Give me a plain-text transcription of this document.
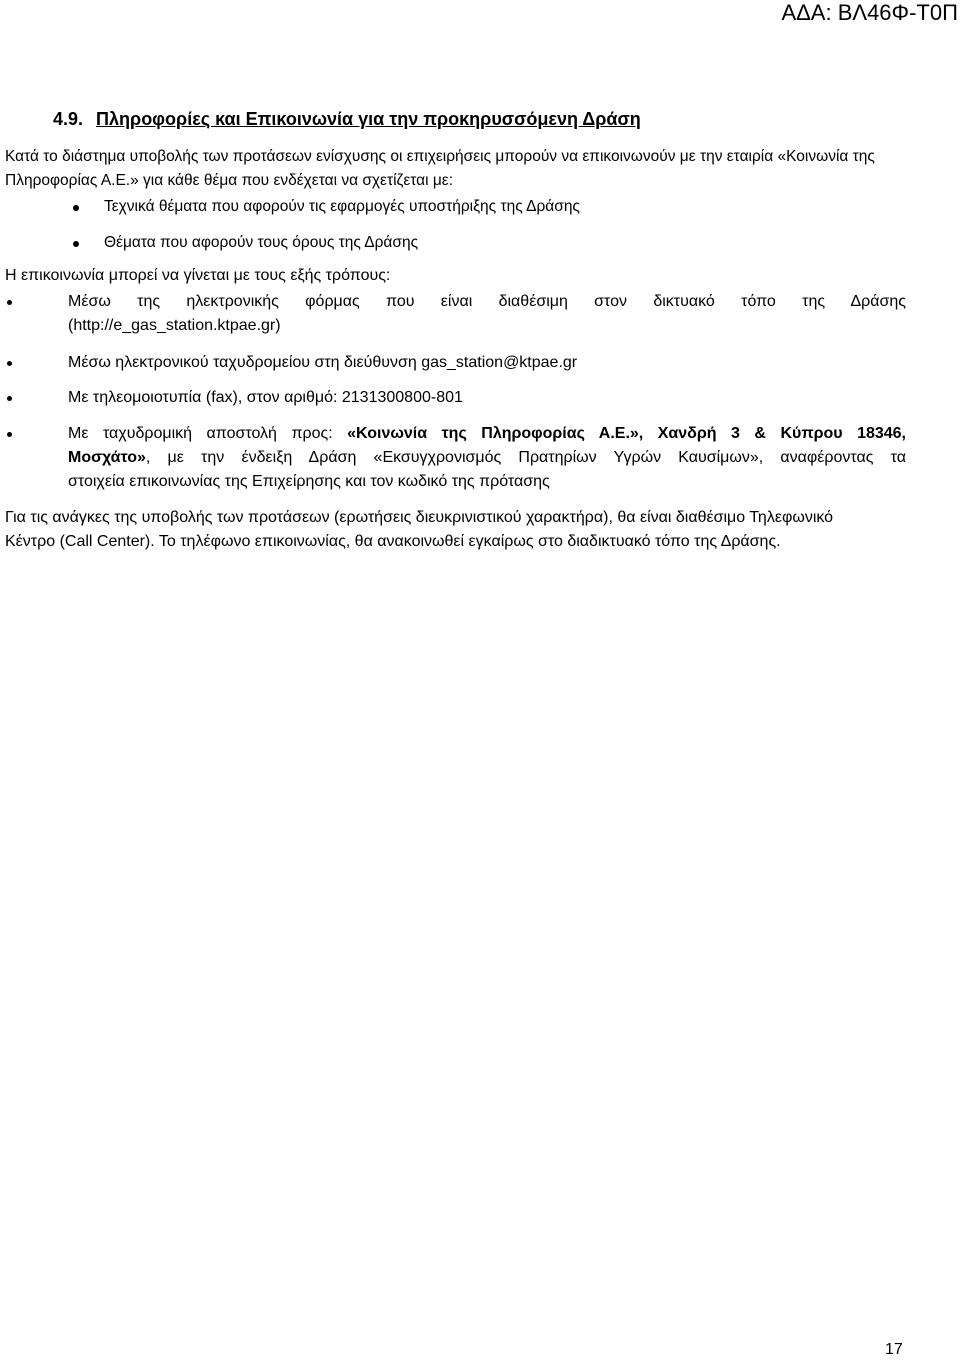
ΑΔΑ: ΒΛ46Φ-Τ0Π
4.9. Πληροφορίες και Επικοινωνία για την προκηρυσσόμενη Δράση
Κατά το διάστημα υποβολής των προτάσεων ενίσχυσης οι επιχειρήσεις μπορούν να επικοινωνούν με την εταιρία «Κοινωνία της Πληροφορίας Α.Ε.» για κάθε θέμα που ενδέχεται να σχετίζεται με:
Τεχνικά θέματα που αφορούν τις εφαρμογές υποστήριξης της Δράσης
Θέματα που αφορούν τους όρους της Δράσης
Η επικοινωνία μπορεί να γίνεται με τους εξής τρόπους:
Μέσω της ηλεκτρονικής φόρμας που είναι διαθέσιμη στον δικτυακό τόπο της Δράσης
(http://e_gas_station.ktpae.gr)
Μέσω ηλεκτρονικού ταχυδρομείου στη διεύθυνση gas_station@ktpae.gr
Με τηλεομοιοτυπία (fax), στον αριθμό: 2131300800-801
Με ταχυδρομική αποστολή προς: «Κοινωνία της Πληροφορίας Α.Ε.», Χανδρή 3 & Κύπρου 18346,
Μοσχάτο», με την ένδειξη Δράση «Εκσυγχρονισμός Πρατηρίων Υγρών Καυσίμων», αναφέροντας τα
στοιχεία επικοινωνίας της Επιχείρησης και τον κωδικό της πρότασης
Για τις ανάγκες της υποβολής των προτάσεων (ερωτήσεις διευκρινιστικού χαρακτήρα), θα είναι διαθέσιμο Τηλεφωνικό Κέντρο (Call Center). Το τηλέφωνο επικοινωνίας, θα ανακοινωθεί εγκαίρως στο διαδικτυακό τόπο της Δράσης.
17
